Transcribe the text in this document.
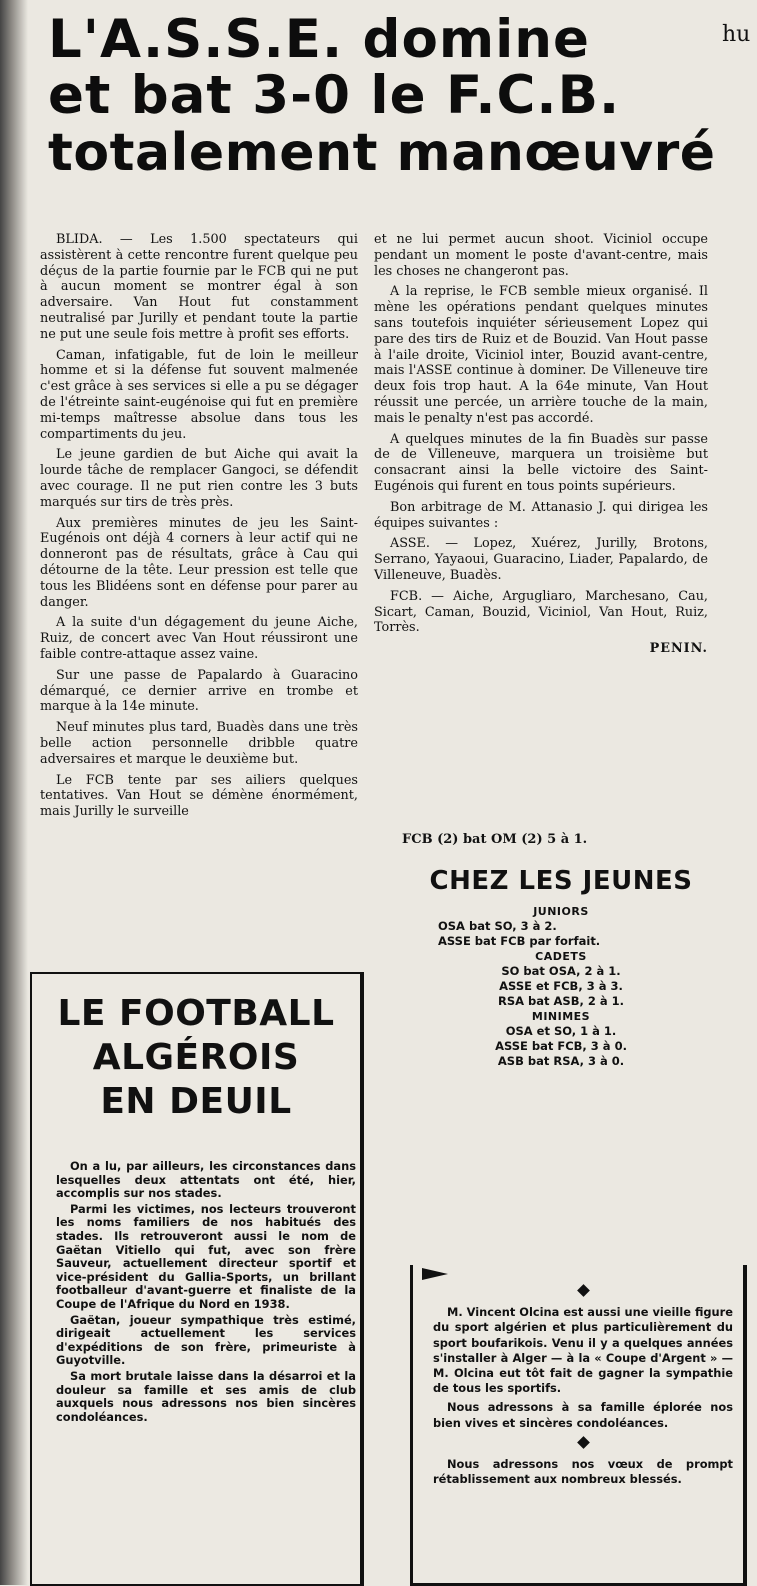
hu
L'A.S.S.E. domine
et bat 3-0 le F.C.B.
totalement manœuvré

BLIDA. — Les 1.500 spectateurs qui assistèrent à cette rencontre furent quelque peu déçus de la partie fournie par le FCB qui ne put à aucun moment se montrer égal à son adversaire. Van Hout fut constamment neutralisé par Jurilly et pendant toute la partie ne put une seule fois mettre à profit ses efforts.

Caman, infatigable, fut de loin le meilleur homme et si la défense fut souvent malmenée c'est grâce à ses services si elle a pu se dégager de l'étreinte saint-eugénoise qui fut en première mi-temps maîtresse absolue dans tous les compartiments du jeu.

Le jeune gardien de but Aiche qui avait la lourde tâche de remplacer Gangoci, se défendit avec courage. Il ne put rien contre les 3 buts marqués sur tirs de très près.

Aux premières minutes de jeu les Saint-Eugénois ont déjà 4 corners à leur actif qui ne donneront pas de résultats, grâce à Cau qui détourne de la tête. Leur pression est telle que tous les Blidéens sont en défense pour parer au danger.

A la suite d'un dégagement du jeune Aiche, Ruiz, de concert avec Van Hout réussiront une faible contre-attaque assez vaine.

Sur une passe de Papalardo à Guaracino démarqué, ce dernier arrive en trombe et marque à la 14e minute.

Neuf minutes plus tard, Buadès dans une très belle action personnelle dribble quatre adversaires et marque le deuxième but.

Le FCB tente par ses ailiers quelques tentatives. Van Hout se démène énormément, mais Jurilly le surveille

et ne lui permet aucun shoot. Viciniol occupe pendant un moment le poste d'avant-centre, mais les choses ne changeront pas.

A la reprise, le FCB semble mieux organisé. Il mène les opérations pendant quelques minutes sans toutefois inquiéter sérieusement Lopez qui pare des tirs de Ruiz et de Bouzid. Van Hout passe à l'aile droite, Viciniol inter, Bouzid avant-centre, mais l'ASSE continue à dominer. De Villeneuve tire deux fois trop haut. A la 64e minute, Van Hout réussit une percée, un arrière touche de la main, mais le penalty n'est pas accordé.

A quelques minutes de la fin Buadès sur passe de de Villeneuve, marquera un troisième but consacrant ainsi la belle victoire des Saint-Eugénois qui furent en tous points supérieurs.

Bon arbitrage de M. Attanasio J. qui dirigea les équipes suivantes :

ASSE. — Lopez, Xuérez, Jurilly, Brotons, Serrano, Yayaoui, Guaracino, Liader, Papalardo, de Villeneuve, Buadès.

FCB. — Aiche, Argugliaro, Marchesano, Cau, Sicart, Caman, Bouzid, Viciniol, Van Hout, Ruiz, Torrès.

PENIN.

FCB (2) bat OM (2) 5 à 1.
CHEZ LES JEUNES
JUNIORS
OSA bat SO, 3 à 2.
ASSE bat FCB par forfait.
CADETS
SO bat OSA, 2 à 1.
ASSE et FCB, 3 à 3.
RSA bat ASB, 2 à 1.
MINIMES
OSA et SO, 1 à 1.
ASSE bat FCB, 3 à 0.
ASB bat RSA, 3 à 0.
LE FOOTBALL
ALGÉROIS
EN DEUIL

On a lu, par ailleurs, les circonstances dans lesquelles deux attentats ont été, hier, accomplis sur nos stades.

Parmi les victimes, nos lecteurs trouveront les noms familiers de nos habitués des stades. Ils retrouveront aussi le nom de Gaëtan Vitiello qui fut, avec son frère Sauveur, actuellement directeur sportif et vice-président du Gallia-Sports, un brillant footballeur d'avant-guerre et finaliste de la Coupe de l'Afrique du Nord en 1938.

Gaëtan, joueur sympathique très estimé, dirigeait actuellement les services d'expéditions de son frère, primeuriste à Guyotville.

Sa mort brutale laisse dans la désarroi et la douleur sa famille et ses amis de club auxquels nous adressons nos bien sincères condoléances.

M. Vincent Olcina est aussi une vieille figure du sport algérien et plus particulièrement du sport boufarikois. Venu il y a quelques années s'installer à Alger — à la « Coupe d'Argent » — M. Olcina eut tôt fait de gagner la sympathie de tous les sportifs.

Nous adressons à sa famille éplorée nos bien vives et sincères condoléances.

Nous adressons nos vœux de prompt rétablissement aux nombreux blessés.
